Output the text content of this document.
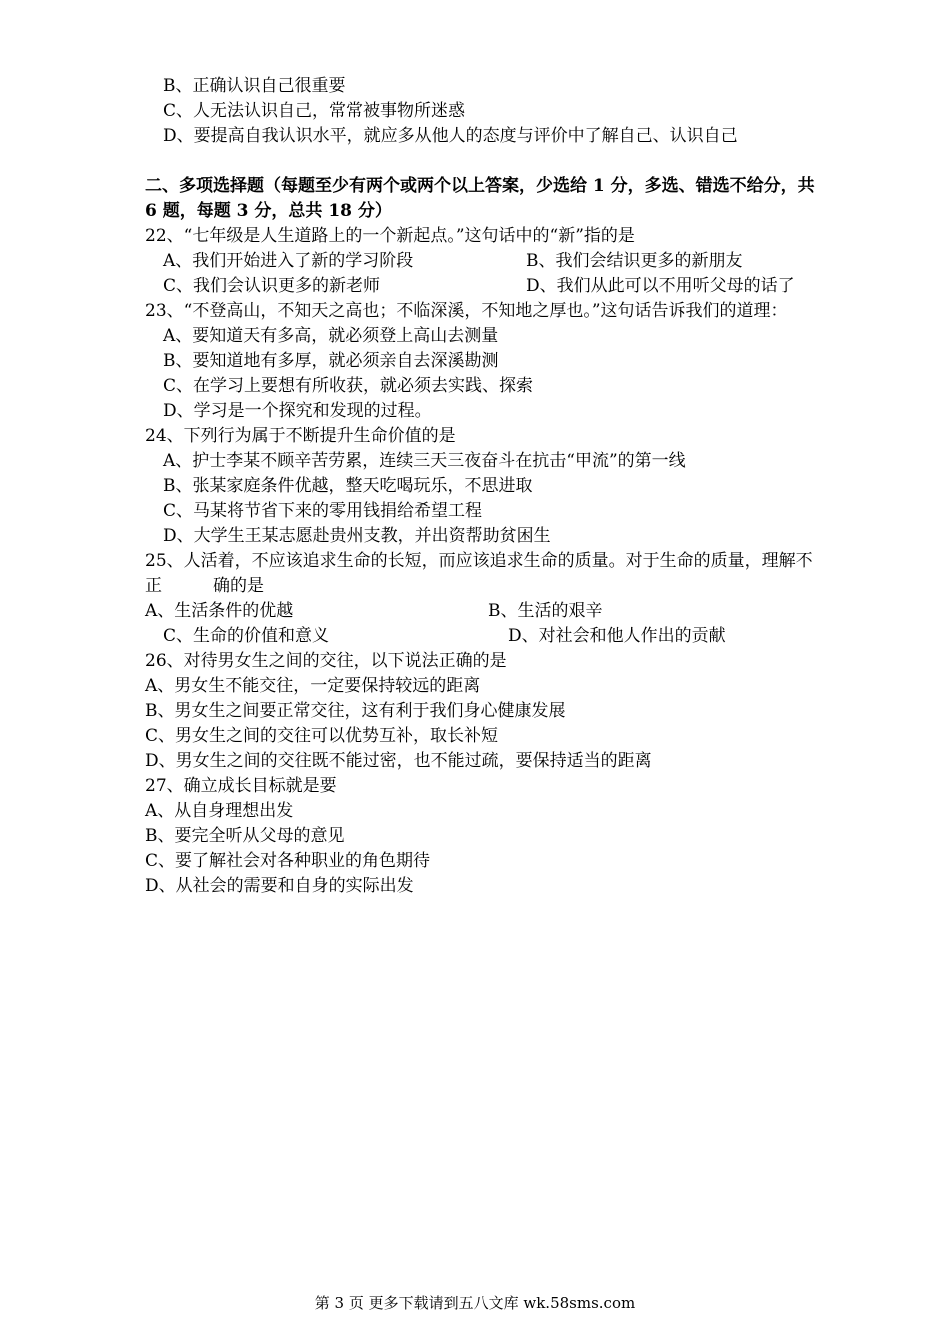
B、正确认识自己很重要
C、人无法认识自己，常常被事物所迷惑
D、要提高自我认识水平，就应多从他人的态度与评价中了解自己、认识自己
二、多项选择题（每题至少有两个或两个以上答案，少选给 1 分，多选、错选不给分，共
6 题，每题 3 分，总共 18 分）
22、“七年级是人生道路上的一个新起点。”这句话中的“新”指的是
A、我们开始进入了新的学习阶段	B、我们会结识更多的新朋友
C、我们会认识更多的新老师	D、我们从此可以不用听父母的话了
23、“不登高山，不知天之高也；不临深溪，不知地之厚也。”这句话告诉我们的道理：
A、要知道天有多高，就必须登上高山去测量
B、要知道地有多厚，就必须亲自去深溪勘测
C、在学习上要想有所收获，就必须去实践、探索
D、学习是一个探究和发现的过程。
24、下列行为属于不断提升生命价值的是
A、护士李某不顾辛苦劳累，连续三天三夜奋斗在抗击“甲流”的第一线
B、张某家庭条件优越，整天吃喝玩乐，不思进取
C、马某将节省下来的零用钱捐给希望工程
D、大学生王某志愿赴贵州支教，并出资帮助贫困生
25、人活着，不应该追求生命的长短，而应该追求生命的质量。对于生命的质量，理解不
正　　　确的是
A、生活条件的优越	B、生活的艰辛
C、生命的价值和意义	D、对社会和他人作出的贡献
26、对待男女生之间的交往，以下说法正确的是
A、男女生不能交往，一定要保持较远的距离
B、男女生之间要正常交往，这有利于我们身心健康发展
C、男女生之间的交往可以优势互补，取长补短
D、男女生之间的交往既不能过密，也不能过疏，要保持适当的距离
27、确立成长目标就是要
A、从自身理想出发
B、要完全听从父母的意见
C、要了解社会对各种职业的角色期待
D、从社会的需要和自身的实际出发
第 3 页 更多下载请到五八文库 wk.58sms.com
